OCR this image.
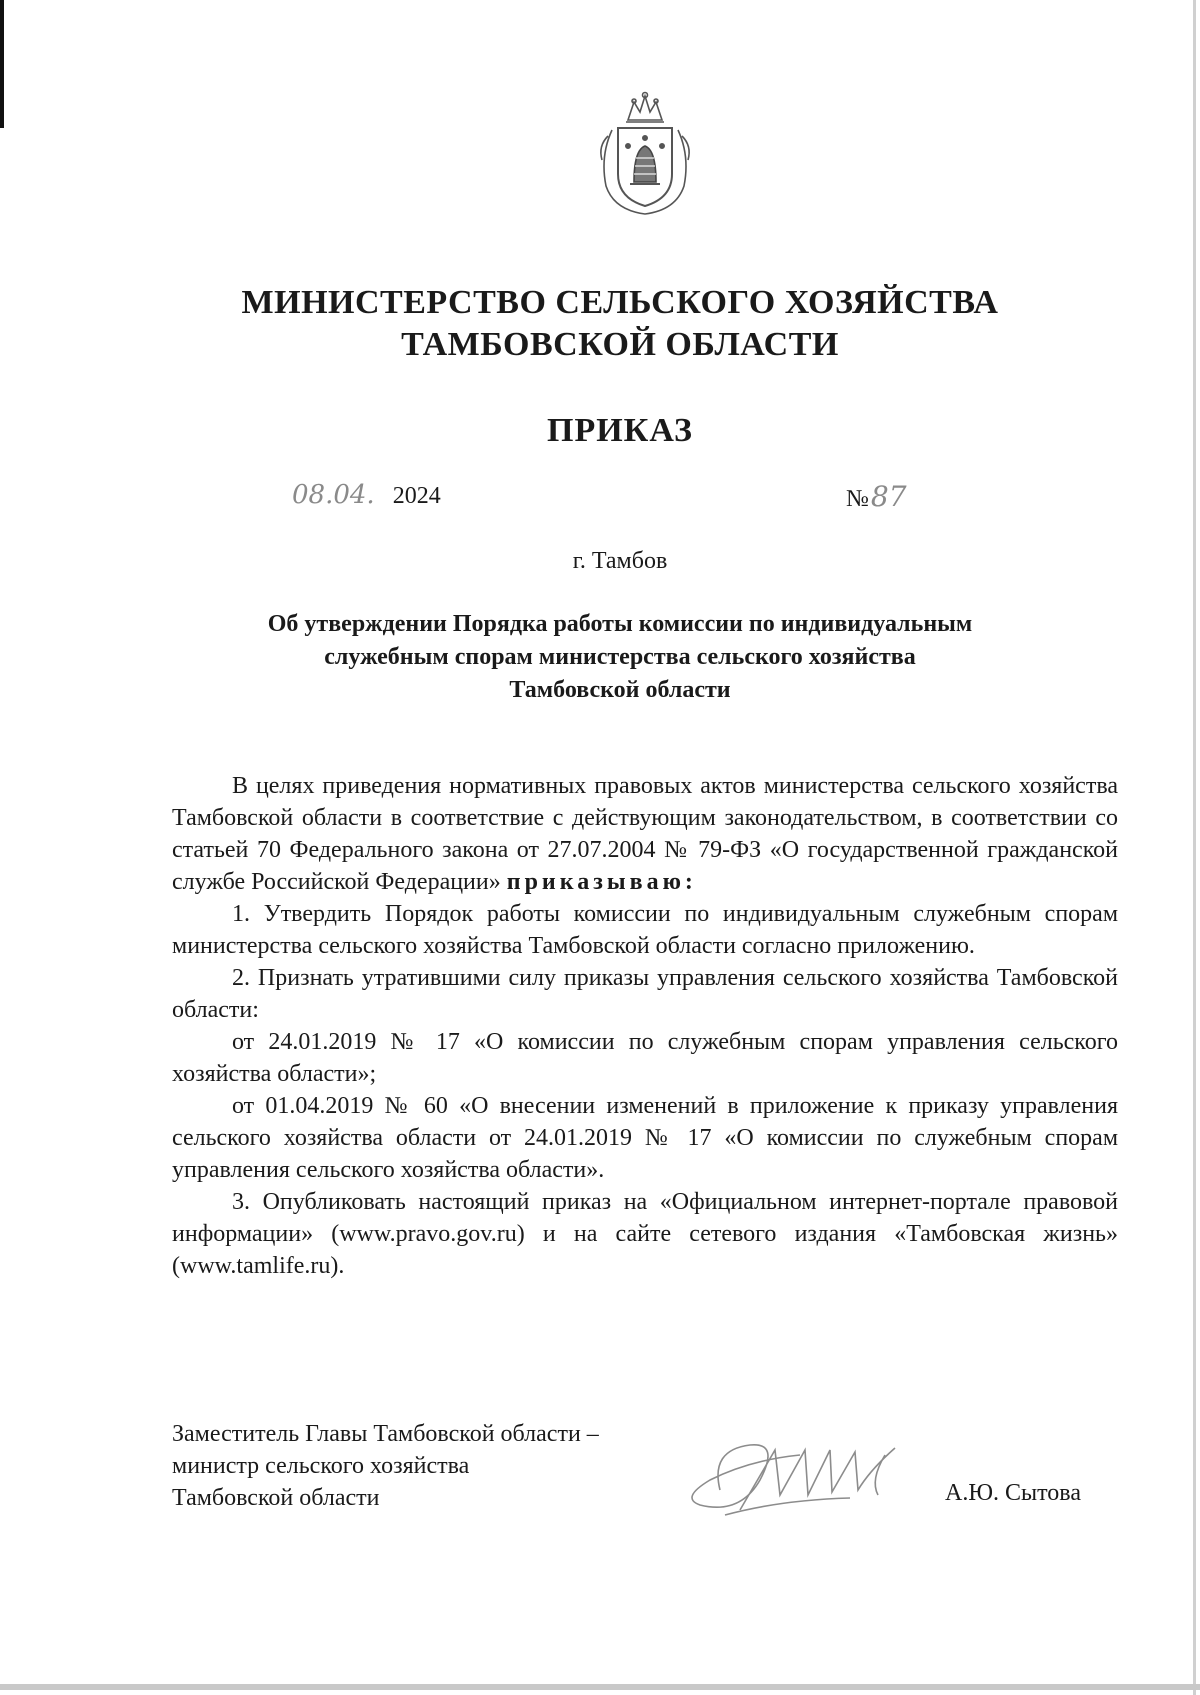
МИНИСТЕРСТВО СЕЛЬСКОГО ХОЗЯЙСТВА
ТАМБОВСКОЙ ОБЛАСТИ
ПРИКАЗ
08.04. 2024	№87
г. Тамбов
Об утверждении Порядка работы комиссии по индивидуальным
служебным спорам министерства сельского хозяйства
Тамбовской области

В целях приведения нормативных правовых актов министерства сельского хозяйства Тамбовской области в соответствие с действующим законодательством, в соответствии со статьей 70 Федерального закона от 27.07.2004 № 79-ФЗ «О государственной гражданской службе Российской Федерации» приказываю:

1. Утвердить Порядок работы комиссии по индивидуальным служебным спорам министерства сельского хозяйства Тамбовской области согласно приложению.

2. Признать утратившими силу приказы управления сельского хозяйства Тамбовской области:

от 24.01.2019 № 17 «О комиссии по служебным спорам управления сельского хозяйства области»;

от 01.04.2019 № 60 «О внесении изменений в приложение к приказу управления сельского хозяйства области от 24.01.2019 № 17 «О комиссии по служебным спорам управления сельского хозяйства области».

3. Опубликовать настоящий приказ на «Официальном интернет-портале правовой информации» (www.pravo.gov.ru) и на сайте сетевого издания «Тамбовская жизнь» (www.tamlife.ru).

Заместитель Главы Тамбовской области –
министр сельского хозяйства
Тамбовской области	А.Ю. Сытова
